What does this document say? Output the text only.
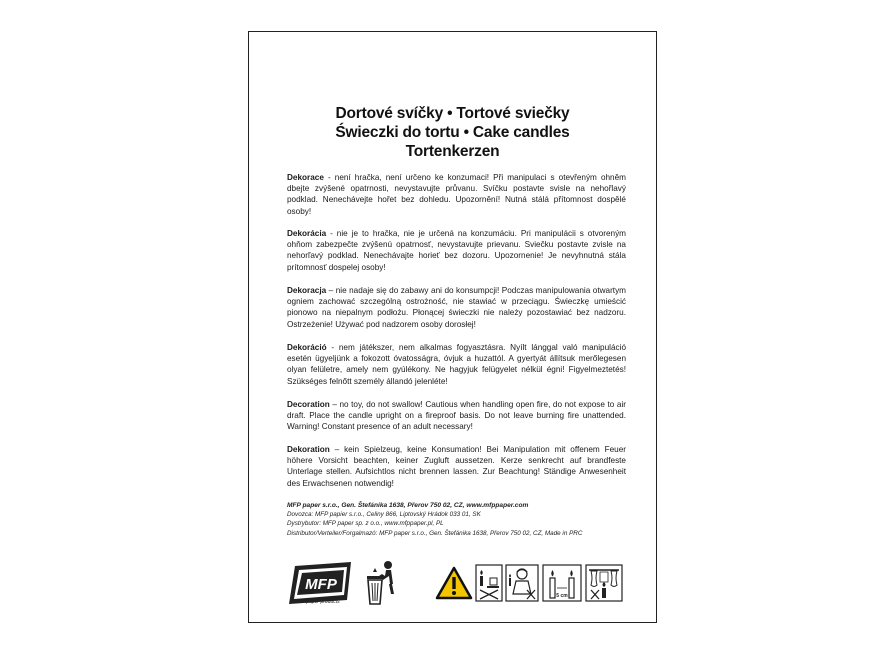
Dortové svíčky • Tortové sviečky
Świeczki do tortu • Cake candles
Tortenkerzen
Dekorace - není hračka, není určeno ke konzumaci! Při manipulaci s otevřeným ohněm dbejte zvýšené opatrnosti, nevystavujte průvanu. Svíčku postavte svisle na nehořlavý podklad. Nenechávejte hořet bez dohledu. Upozornění! Nutná stálá přítomnost dospělé osoby!
Dekorácia - nie je to hračka, nie je určená na konzumáciu. Pri manipulácii s otvoreným ohňom zabezpečte zvýšenú opatrnosť, nevystavujte prievanu. Sviečku postavte zvisle na nehorľavý podklad. Nenechávajte horieť bez dozoru. Upozornenie! Je nevyhnutná stála prítomnosť dospelej osoby!
Dekoracja – nie nadaje się do zabawy ani do konsumpcji! Podczas manipulowania otwartym ogniem zachować szczególną ostrożność, nie stawiać w przeciągu. Świeczkę umieścić pionowo na niepalnym podłożu. Płonącej świeczki nie należy pozostawiać bez nadzoru. Ostrzeżenie! Używać pod nadzorem osoby dorosłej!
Dekoráció - nem játékszer, nem alkalmas fogyasztásra. Nyílt lánggal való manipuláció esetén ügyeljünk a fokozott óvatosságra, óvjuk a huzattól. A gyertyát állítsuk merőlegesen olyan felületre, amely nem gyúlékony. Ne hagyjuk felügyelet nélkül égni! Figyelmeztetés! Szükséges felnőtt személy állandó jelenléte!
Decoration – no toy, do not swallow! Cautious when handling open fire, do not expose to air draft. Place the candle upright on a fireproof basis. Do not leave burning fire unattended. Warning! Constant presence of an adult necessary!
Dekoration – kein Spielzeug, keine Konsumation! Bei Manipulation mit offenem Feuer höhere Vorsicht beachten, keiner Zugluft aussetzen. Kerze senkrecht auf brandfeste Unterlage stellen. Aufsichtlos nicht brennen lassen. Zur Beachtung! Ständige Anwesenheit des Erwachsenen notwendig!
MFP paper s.r.o., Gen. Štefánika 1638, Přerov 750 02, CZ, www.mfppaper.com
Dovozca: MFP papier s.r.o., Celiny 866, Liptovský Hrádok 033 01, SK
Dystrybutor: MFP paper sp. z o.o., www.mfppaper.pl, PL
Distributor/Verteiler/Forgalmazó: MFP paper s.r.o., Gen. Štefánika 1638, Přerov 750 02, CZ, Made in PRC
MFP
paper products
5 cm
